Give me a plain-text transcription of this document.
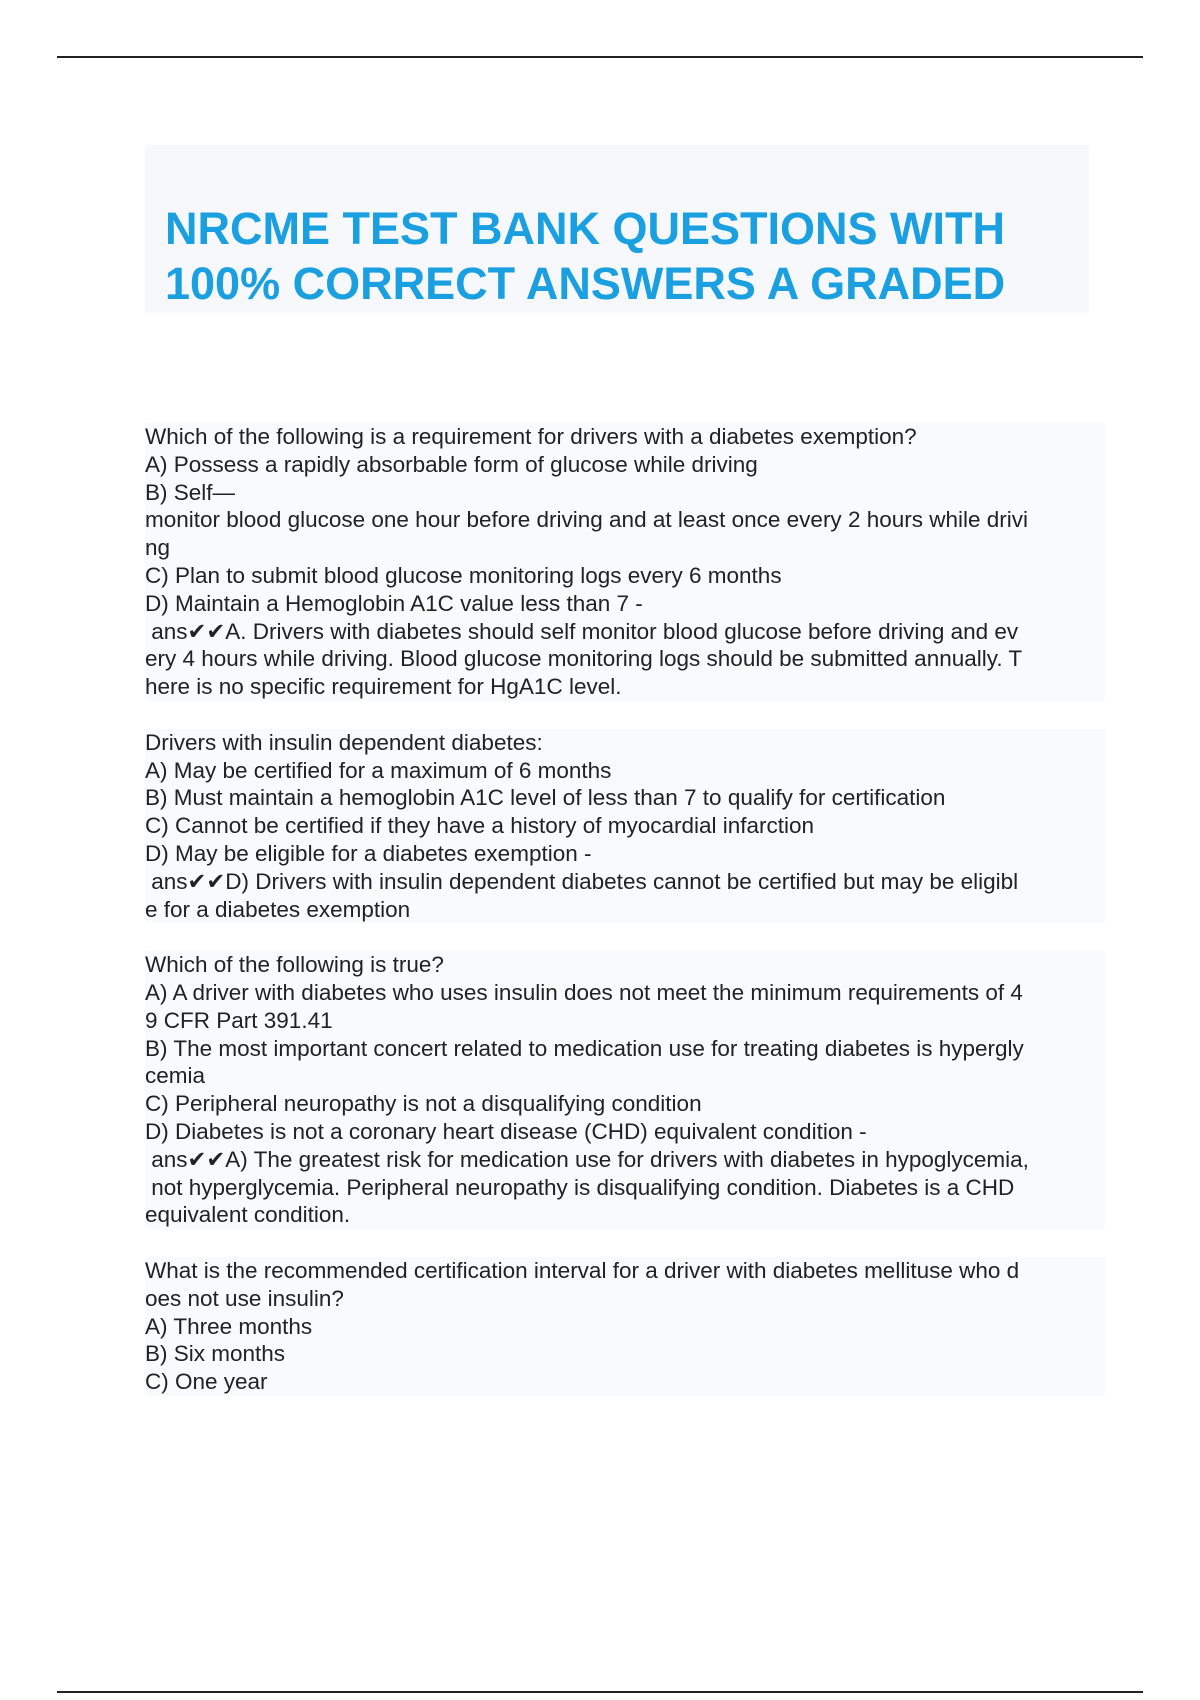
NRCME TEST BANK QUESTIONS WITH
100% CORRECT ANSWERS A GRADED
Which of the following is a requirement for drivers with a diabetes exemption?
A) Possess a rapidly absorbable form of glucose while driving
B) Self—
monitor blood glucose one hour before driving and at least once every 2 hours while drivi
ng
C) Plan to submit blood glucose monitoring logs every 6 months
D) Maintain a Hemoglobin A1C value less than 7 -
ans✔✔A. Drivers with diabetes should self monitor blood glucose before driving and ev
ery 4 hours while driving. Blood glucose monitoring logs should be submitted annually. T
here is no specific requirement for HgA1C level.
Drivers with insulin dependent diabetes:
A) May be certified for a maximum of 6 months
B) Must maintain a hemoglobin A1C level of less than 7 to qualify for certification
C) Cannot be certified if they have a history of myocardial infarction
D) May be eligible for a diabetes exemption -
ans✔✔D) Drivers with insulin dependent diabetes cannot be certified but may be eligibl
e for a diabetes exemption
Which of the following is true?
A) A driver with diabetes who uses insulin does not meet the minimum requirements of 4
9 CFR Part 391.41
B) The most important concert related to medication use for treating diabetes is hypergly
cemia
C) Peripheral neuropathy is not a disqualifying condition
D) Diabetes is not a coronary heart disease (CHD) equivalent condition -
ans✔✔A) The greatest risk for medication use for drivers with diabetes in hypoglycemia,
not hyperglycemia. Peripheral neuropathy is disqualifying condition. Diabetes is a CHD
equivalent condition.
What is the recommended certification interval for a driver with diabetes mellituse who d
oes not use insulin?
A) Three months
B) Six months
C) One year
